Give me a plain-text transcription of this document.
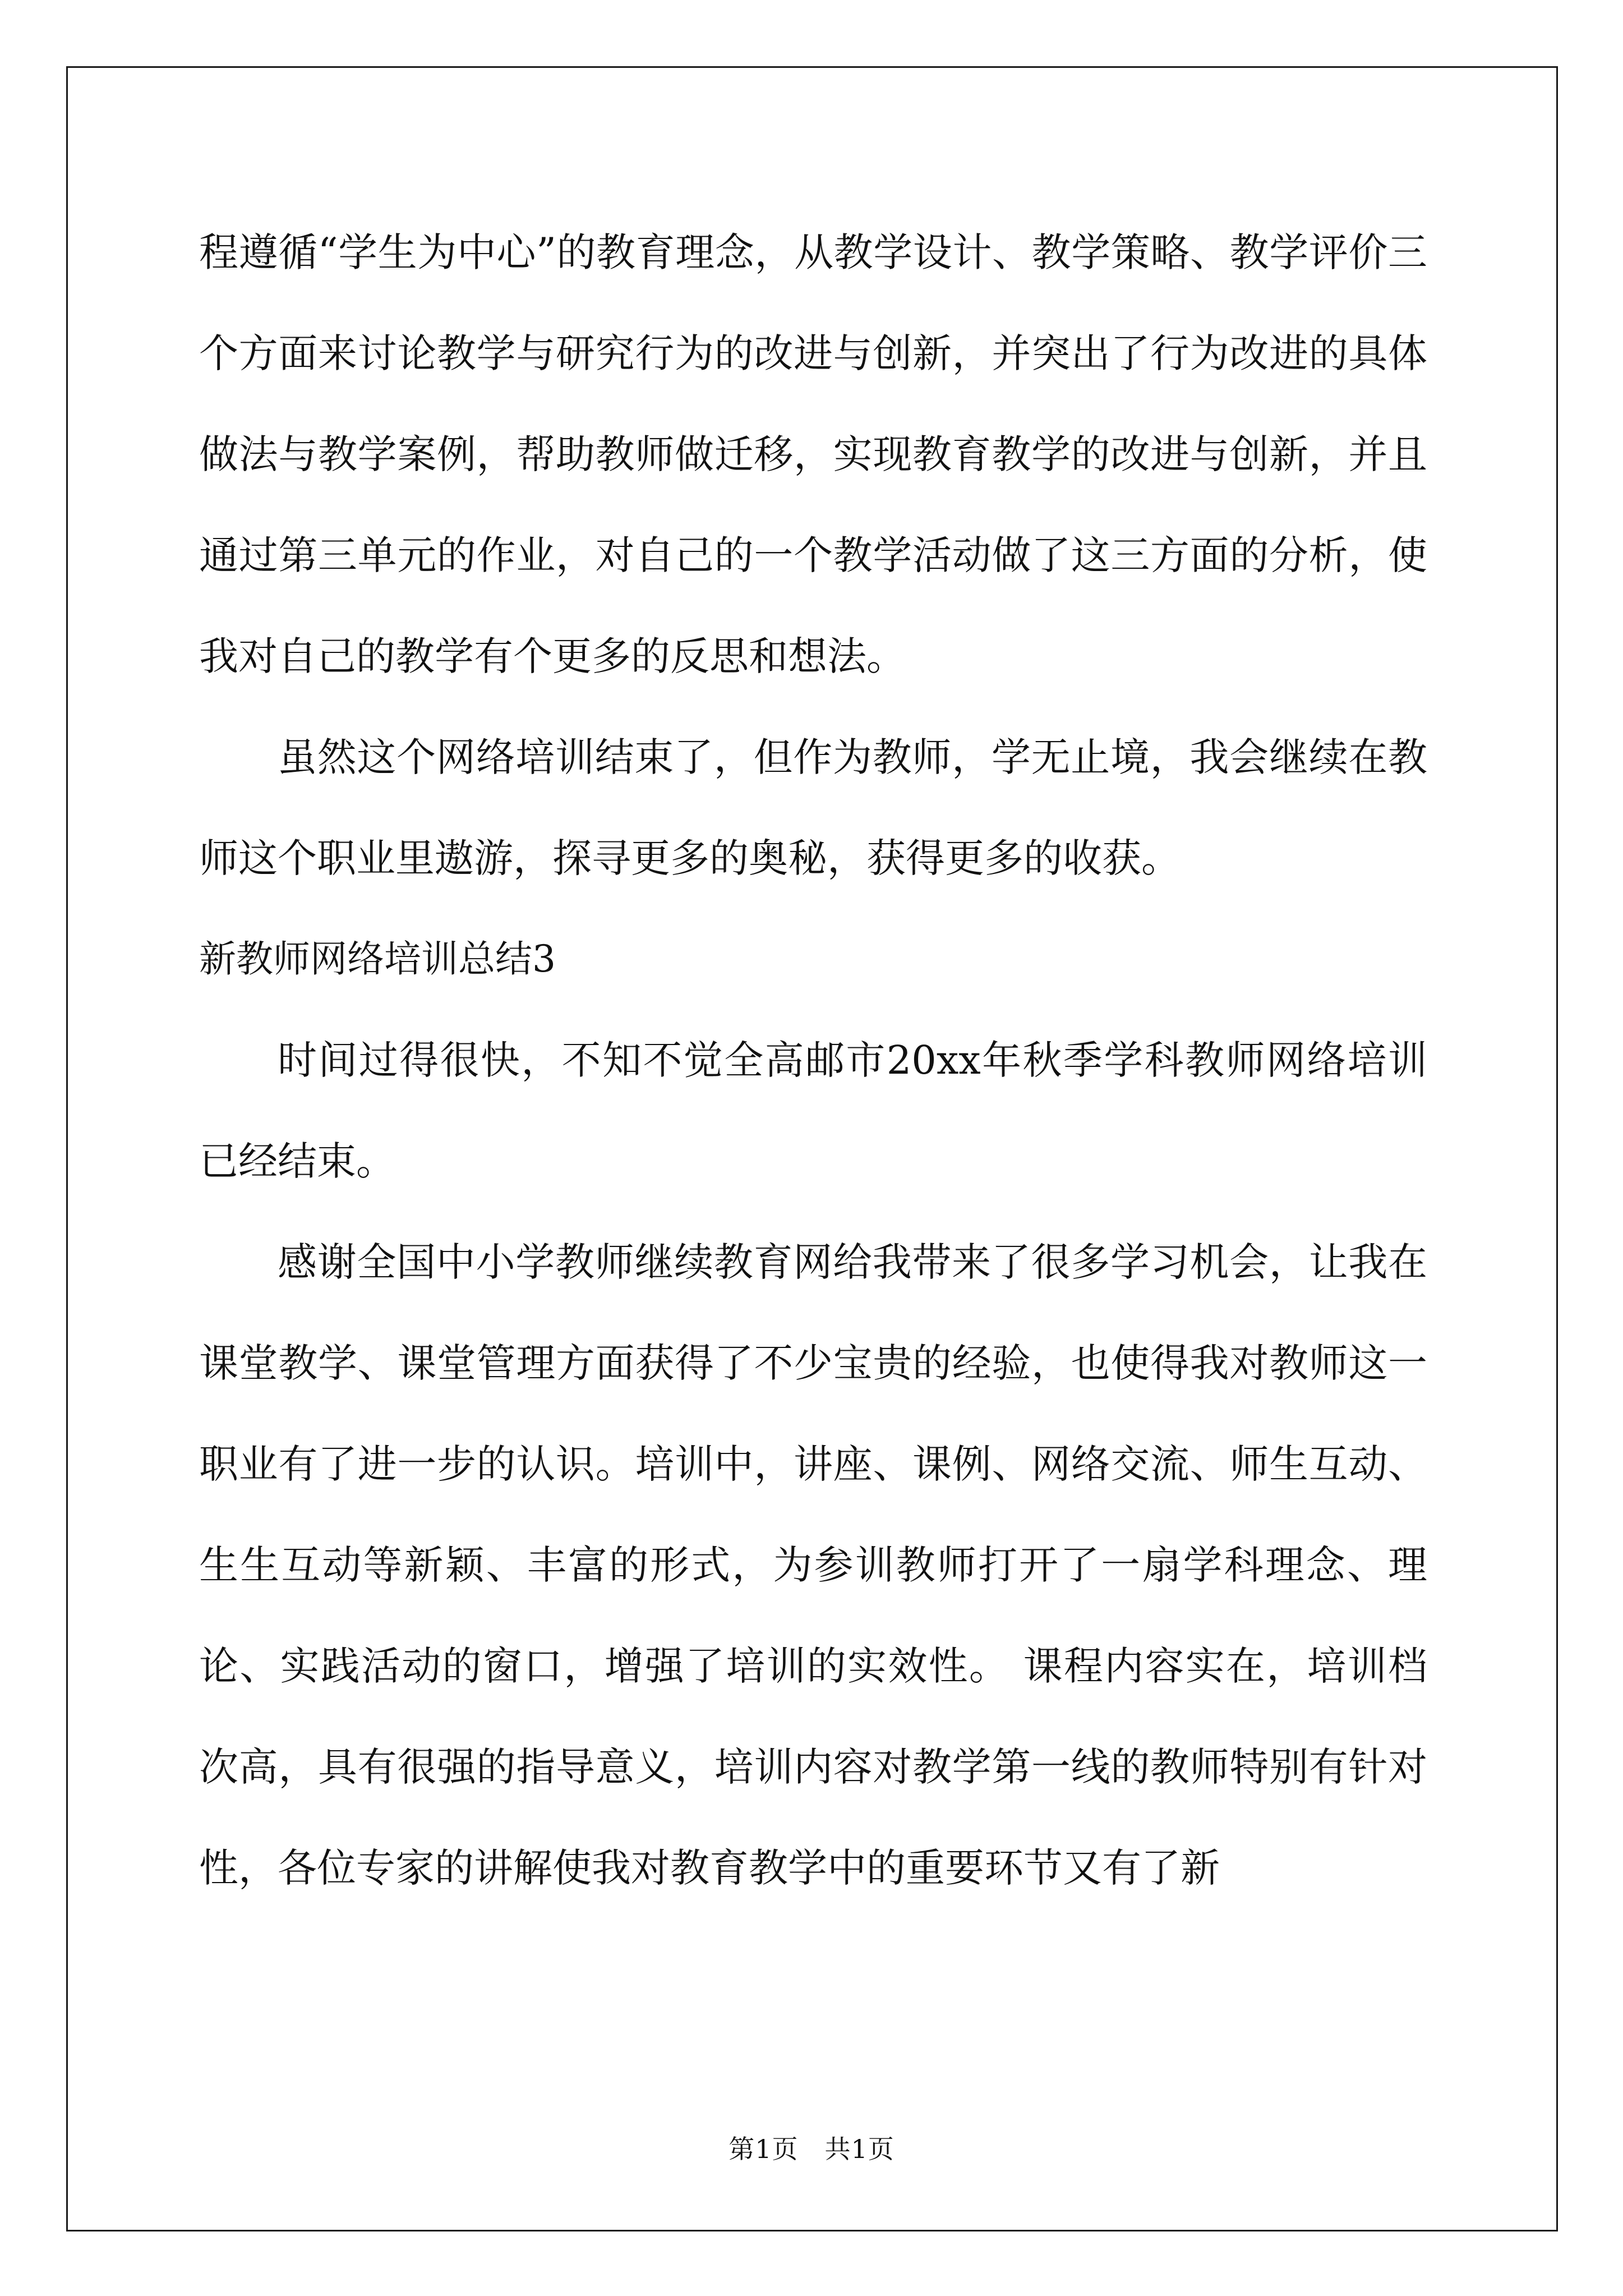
程遵循“学生为中心”的教育理念，从教学设计、教学策略、教学评价三个方面来讨论教学与研究行为的改进与创新，并突出了行为改进的具体做法与教学案例，帮助教师做迁移，实现教育教学的改进与创新，并且通过第三单元的作业，对自己的一个教学活动做了这三方面的分析，使我对自己的教学有个更多的反思和想法。

虽然这个网络培训结束了，但作为教师，学无止境，我会继续在教师这个职业里遨游，探寻更多的奥秘，获得更多的收获。

新教师网络培训总结3

时间过得很快，不知不觉全高邮市20xx年秋季学科教师网络培训已经结束。

感谢全国中小学教师继续教育网给我带来了很多学习机会，让我在课堂教学、课堂管理方面获得了不少宝贵的经验，也使得我对教师这一职业有了进一步的认识。培训中，讲座、课例、网络交流、师生互动、生生互动等新颖、丰富的形式，为参训教师打开了一扇学科理念、理论、实践活动的窗口，增强了培训的实效性。 课程内容实在，培训档次高，具有很强的指导意义，培训内容对教学第一线的教师特别有针对性，各位专家的讲解使我对教育教学中的重要环节又有了新

第1页　共1页
